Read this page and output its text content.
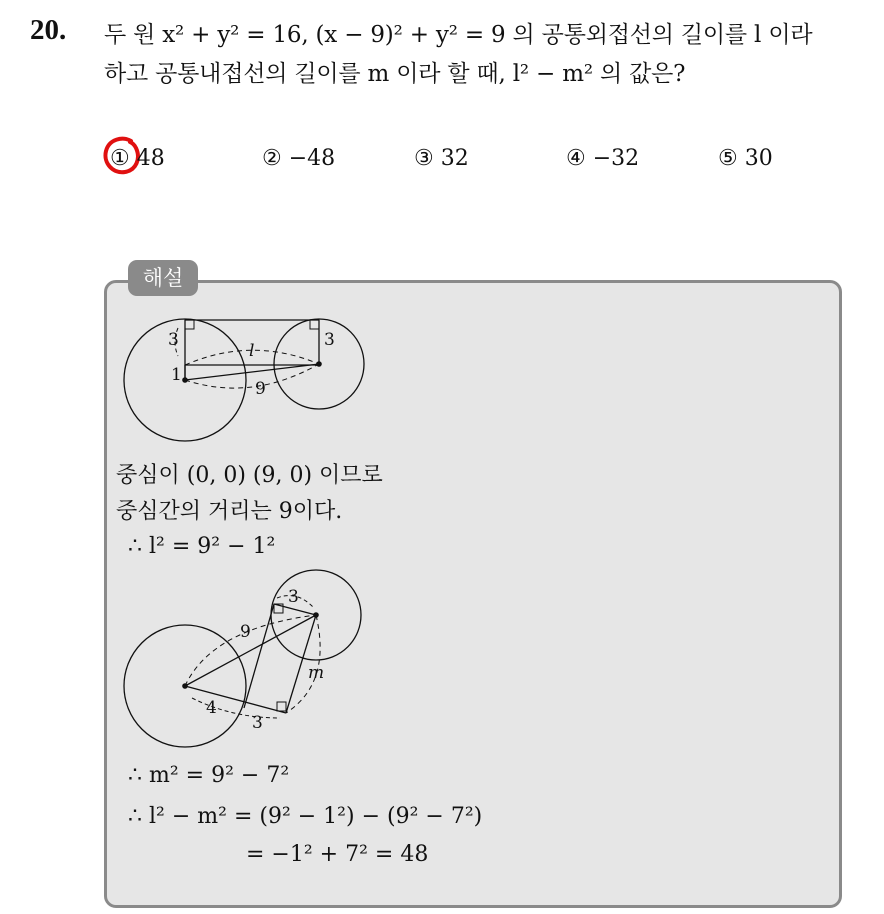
20. 두 원 x² + y² = 16, (x − 9)² + y² = 9 의 공통외접선의 길이를 l 이라
하고 공통내접선의 길이를 m 이라 할 때, l² − m² 의 값은?
① 48	② −48	③ 32	④ −32	⑤ 30
해설
3	3
1
l
9
중심이 (0, 0) (9, 0) 이므로
중심간의 거리는 9이다.
∴ l² = 9² − 1²
3
9
m
4
3
∴ m² = 9² − 7²
∴ l² − m² = (9² − 1²) − (9² − 7²)
= −1² + 7² = 48
